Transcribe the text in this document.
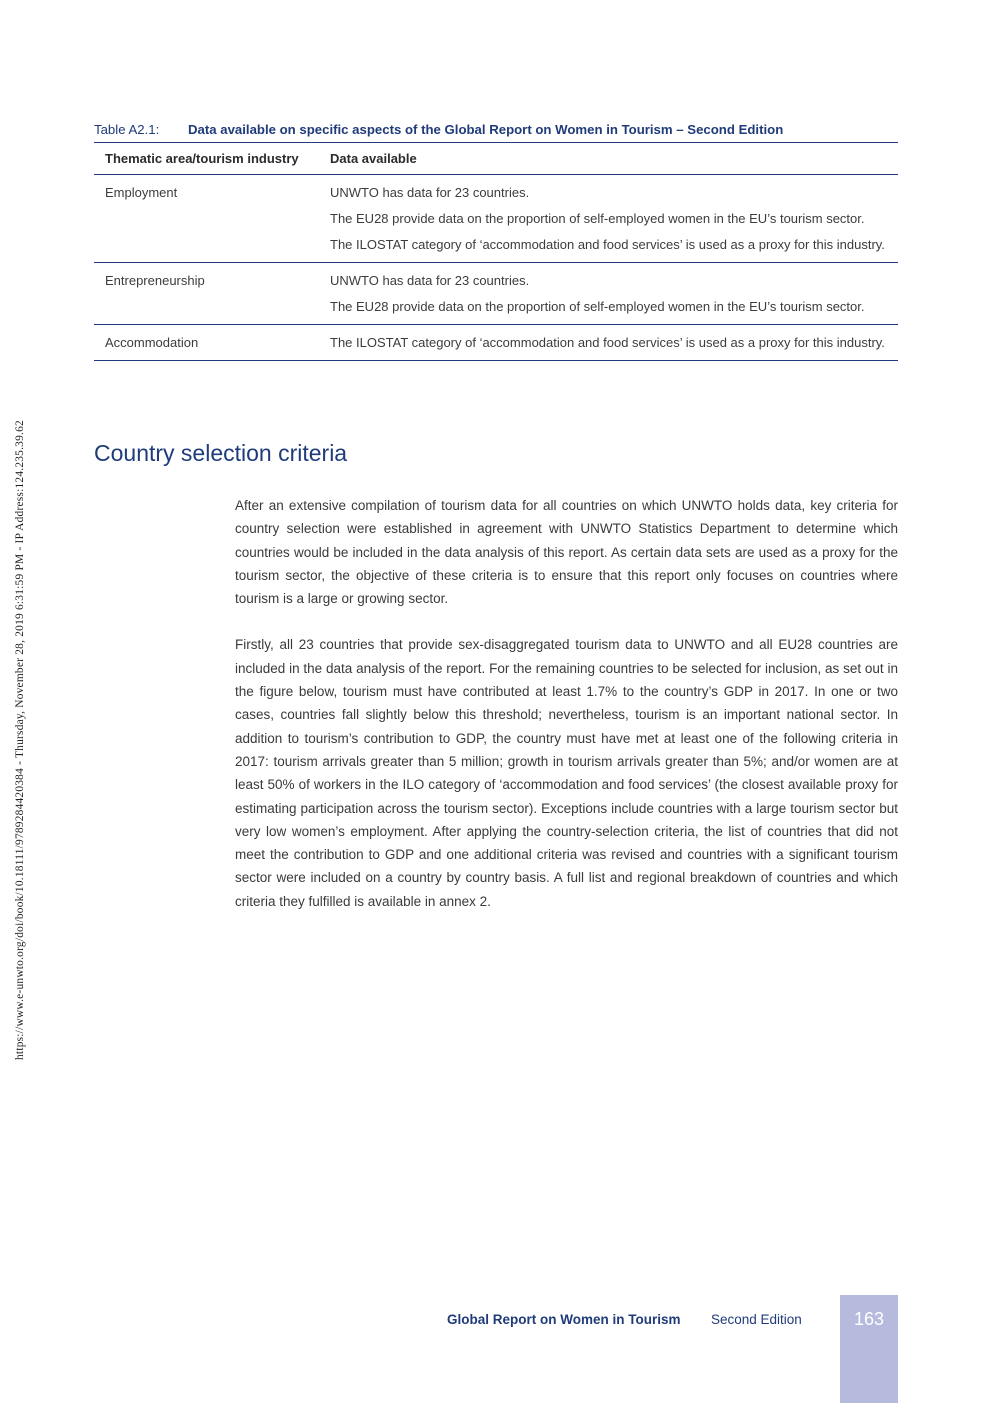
https://www.e-unwto.org/doi/book/10.18111/9789284420384 - Thursday, November 28, 2019 6:31:59 PM - IP Address:124.235.39.62
Table A2.1: Data available on specific aspects of the Global Report on Women in Tourism – Second Edition
Thematic area/tourism industry	Data available
Employment	UNWTO has data for 23 countries.

The EU28 provide data on the proportion of self-employed women in the EU’s tourism sector.

The ILOSTAT category of ‘accommodation and food services’ is used as a proxy for this industry.

Entrepreneurship	UNWTO has data for 23 countries.

The EU28 provide data on the proportion of self-employed women in the EU’s tourism sector.

Accommodation	The ILOSTAT category of ‘accommodation and food services’ is used as a proxy for this industry.

Country selection criteria

After an extensive compilation of tourism data for all countries on which UNWTO holds data, key criteria for country selection were established in agreement with UNWTO Statistics Department to determine which countries would be included in the data analysis of this report. As certain data sets are used as a proxy for the tourism sector, the objective of these criteria is to ensure that this report only focuses on countries where tourism is a large or growing sector.

Firstly, all 23 countries that provide sex-disaggregated tourism data to UNWTO and all EU28 countries are included in the data analysis of the report. For the remaining countries to be selected for inclusion, as set out in the figure below, tourism must have contributed at least 1.7% to the country’s GDP in 2017. In one or two cases, countries fall slightly below this threshold; nevertheless, tourism is an important national sector. In addition to tourism’s contribution to GDP, the country must have met at least one of the following criteria in 2017: tourism arrivals greater than 5 million; growth in tourism arrivals greater than 5%; and/or women are at least 50% of workers in the ILO category of ‘accommodation and food services’ (the closest available proxy for estimating participation across the tourism sector). Exceptions include countries with a large tourism sector but very low women’s employment. After applying the country-selection criteria, the list of countries that did not meet the contribution to GDP and one additional criteria was revised and countries with a significant tourism sector were included on a country by country basis. A full list and regional breakdown of countries and which criteria they fulfilled is available in annex 2.

Global Report on Women in Tourism Second Edition	163
